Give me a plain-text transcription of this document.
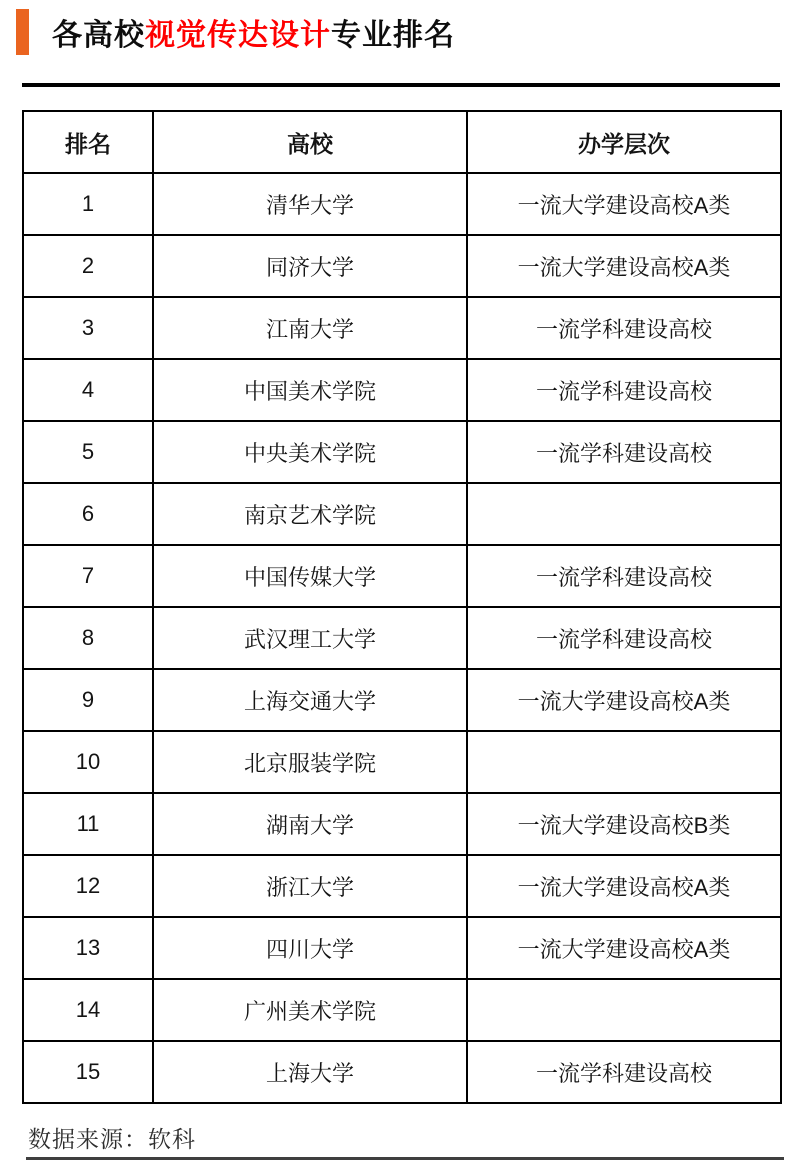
各高校视觉传达设计专业排名
排名	高校	办学层次
1	清华大学	一流大学建设高校A类
2	同济大学	一流大学建设高校A类
3	江南大学	一流学科建设高校
4	中国美术学院	一流学科建设高校
5	中央美术学院	一流学科建设高校
6	南京艺术学院	
7	中国传媒大学	一流学科建设高校
8	武汉理工大学	一流学科建设高校
9	上海交通大学	一流大学建设高校A类
10	北京服装学院	
11	湖南大学	一流大学建设高校B类
12	浙江大学	一流大学建设高校A类
13	四川大学	一流大学建设高校A类
14	广州美术学院	
15	上海大学	一流学科建设高校
数据来源：软科
